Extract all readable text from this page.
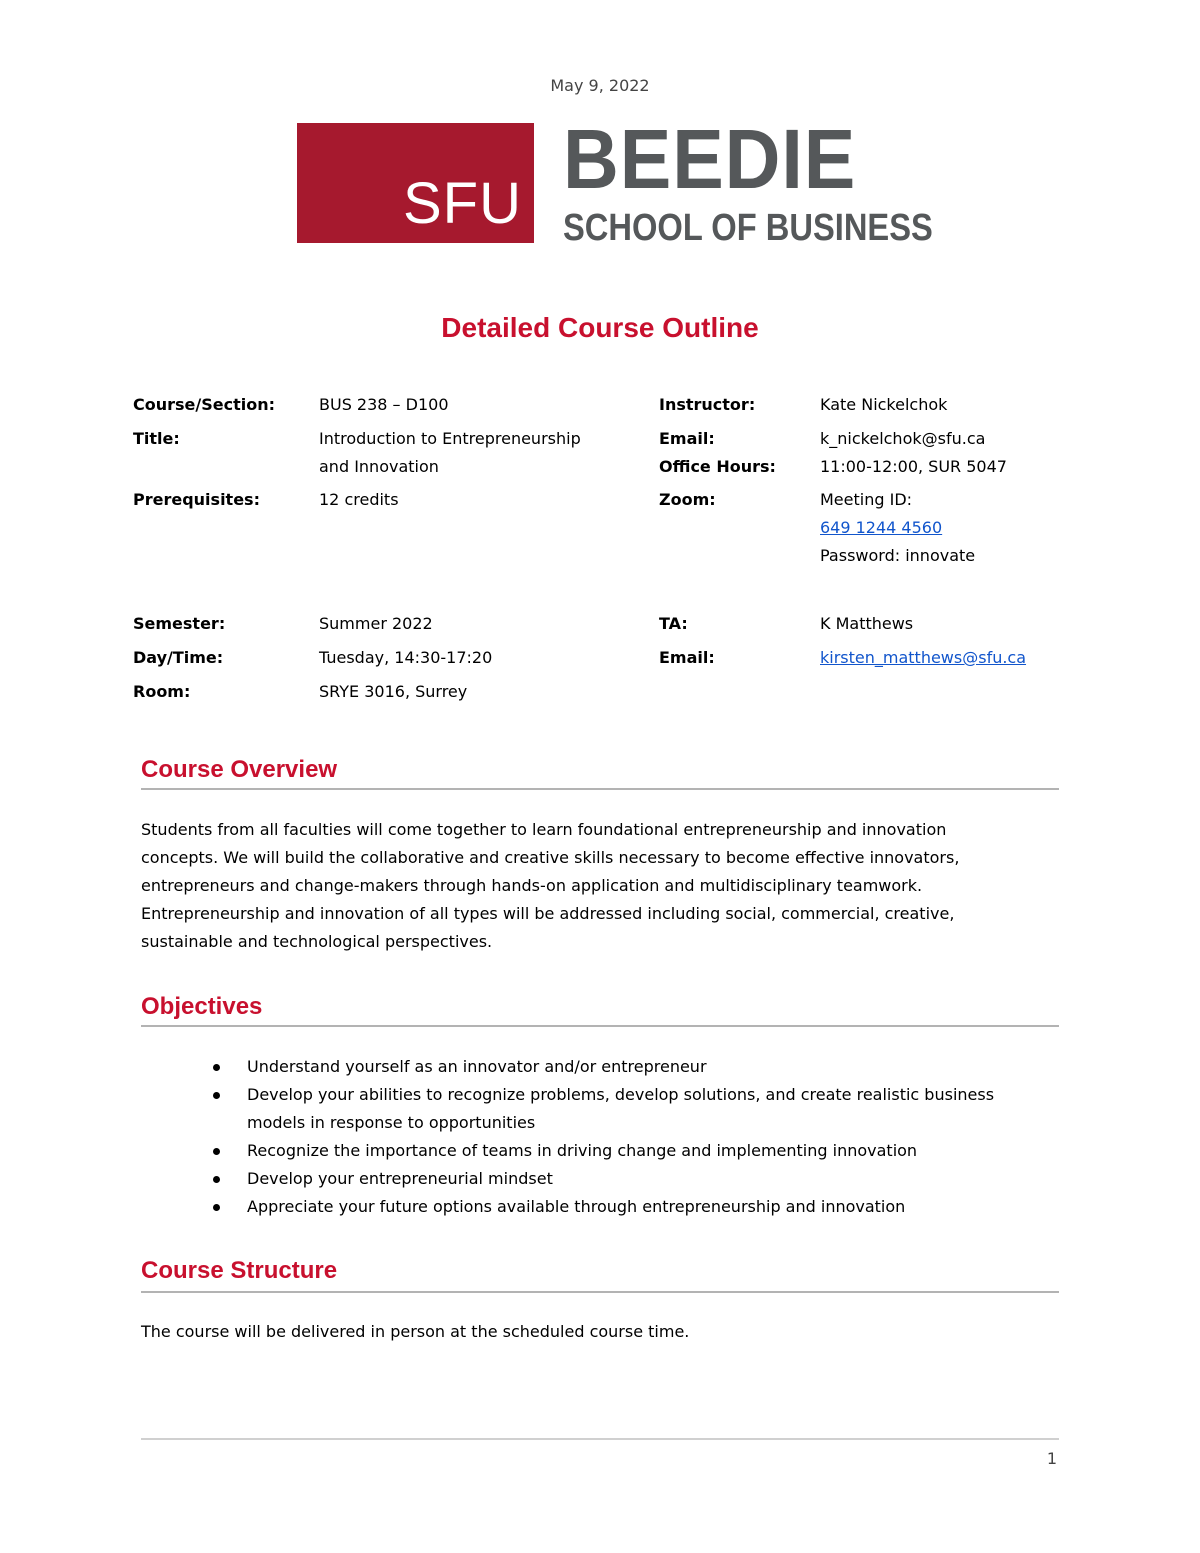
May 9, 2022
SFU BEEDIE
SCHOOL OF BUSINESS
Detailed Course Outline
Course/Section:	BUS 238 – D100
Title:	Introduction to Entrepreneurship
and Innovation
Prerequisites:	12 credits
Semester:	Summer 2022
Day/Time:	Tuesday, 14:30-17:20
Room:	SRYE 3016, Surrey
Instructor:	Kate Nickelchok
Email:	k_nickelchok@sfu.ca
Office Hours:	11:00-12:00, SUR 5047
Zoom:	Meeting ID:
649 1244 4560
Password: innovate
TA:	K Matthews
Email:	kirsten_matthews@sfu.ca
Course Overview
Students from all faculties will come together to learn foundational entrepreneurship and innovation
concepts. We will build the collaborative and creative skills necessary to become effective innovators,
entrepreneurs and change-makers through hands-on application and multidisciplinary teamwork.
Entrepreneurship and innovation of all types will be addressed including social, commercial, creative,
sustainable and technological perspectives.
Objectives
Understand yourself as an innovator and/or entrepreneur
Develop your abilities to recognize problems, develop solutions, and create realistic business
models in response to opportunities
Recognize the importance of teams in driving change and implementing innovation
Develop your entrepreneurial mindset
Appreciate your future options available through entrepreneurship and innovation
Course Structure
The course will be delivered in person at the scheduled course time.
1
